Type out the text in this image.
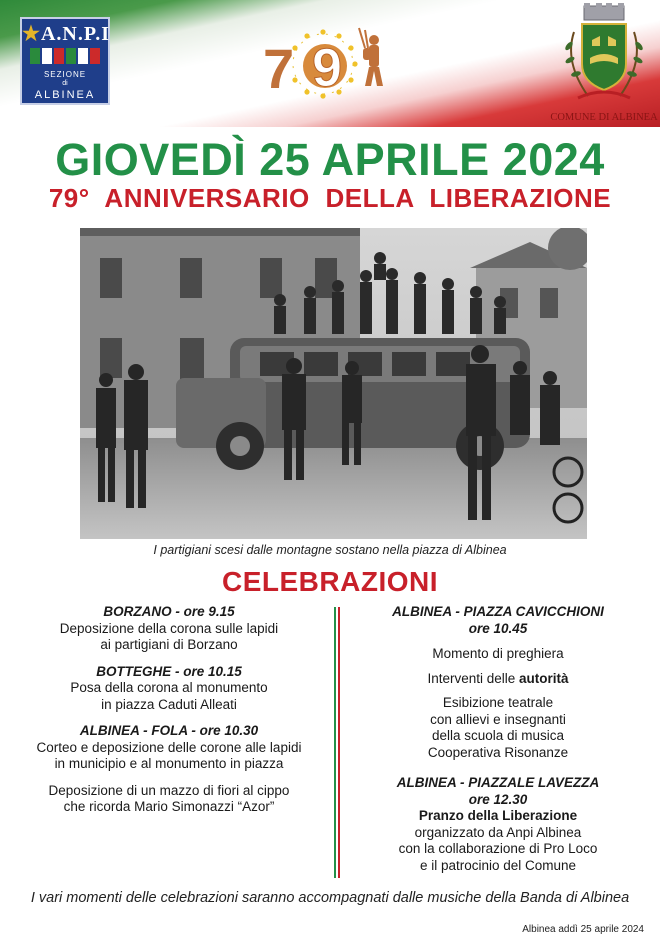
★A.N.P.I
SEZIONE
di
ALBINEA	7 9
COMUNE DI ALBINEA
GIOVEDÌ 25 APRILE 2024
79° ANNIVERSARIO DELLA LIBERAZIONE
I partigiani scesi dalle montagne sostano nella piazza di Albinea
CELEBRAZIONI
BORZANO - ore 9.15
Deposizione della corona sulle lapidi
ai partigiani di Borzano
BOTTEGHE - ore 10.15
Posa della corona al monumento
in piazza Caduti Alleati
ALBINEA - FOLA - ore 10.30
Corteo e deposizione delle corone alle lapidi
in municipio e al monumento in piazza
Deposizione di un mazzo di fiori al cippo
che ricorda Mario Simonazzi “Azor”
ALBINEA - PIAZZA CAVICCHIONI
ore 10.45
Momento di preghiera
Interventi delle autorità
Esibizione teatrale
con allievi e insegnanti
della scuola di musica
Cooperativa Risonanze
ALBINEA - PIAZZALE LAVEZZA
ore 12.30
Pranzo della Liberazione
organizzato da Anpi Albinea
con la collaborazione di Pro Loco
e il patrocinio del Comune
I vari momenti delle celebrazioni saranno accompagnati dalle musiche della Banda di Albinea
Albinea addì 25 aprile 2024
